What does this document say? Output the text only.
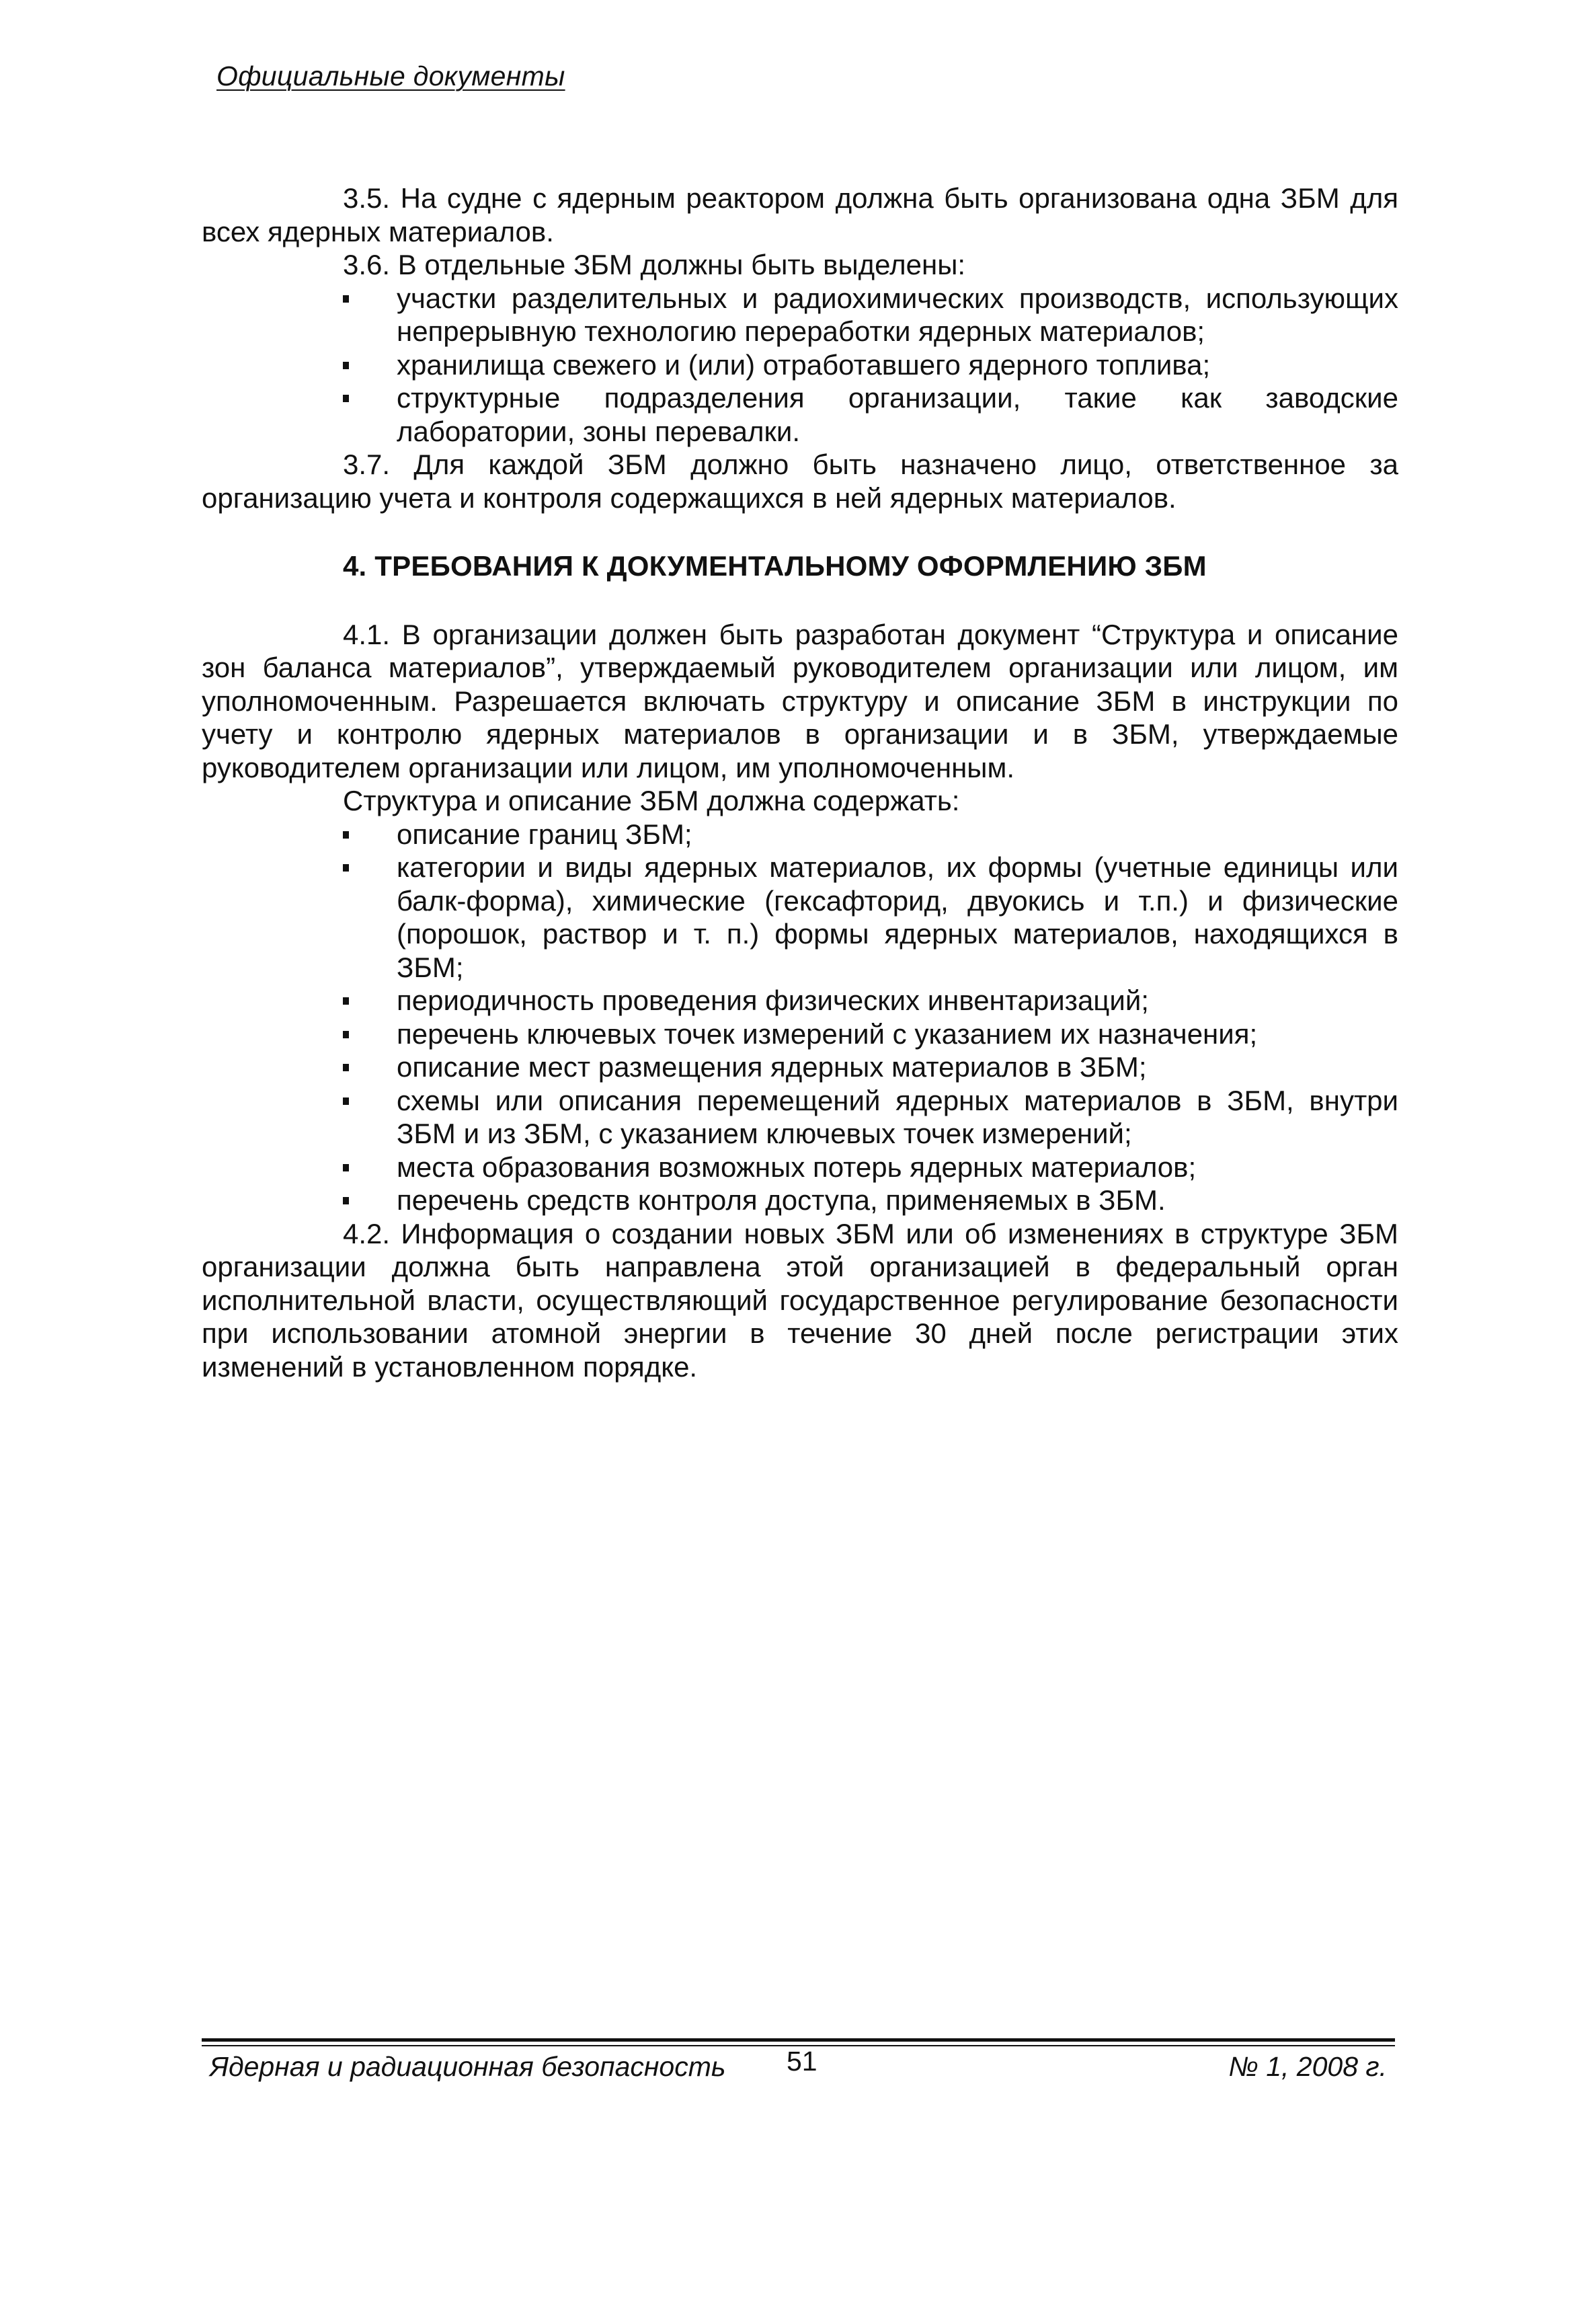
Официальные документы

3.5. На судне с ядерным реактором должна быть организована одна ЗБМ для всех ядерных материалов.

3.6. В отдельные ЗБМ должны быть выделены:

участки разделительных и радиохимических производств, использующих непрерывную технологию переработки ядерных материалов;
хранилища свежего и (или) отработавшего ядерного топлива;
структурные подразделения организации, такие как заводские лаборатории, зоны перевалки.

3.7. Для каждой ЗБМ должно быть назначено лицо, ответственное за организацию учета и контроля содержащихся в ней ядерных материалов.

4. ТРЕБОВАНИЯ К ДОКУМЕНТАЛЬНОМУ ОФОРМЛЕНИЮ ЗБМ

4.1. В организации должен быть разработан документ “Структура и описание зон баланса материалов”, утверждаемый руководителем организации или лицом, им уполномоченным. Разрешается включать структуру и описание ЗБМ в инструкции по учету и контролю ядерных материалов в организации и в ЗБМ, утверждаемые руководителем организации или лицом, им уполномоченным.

Структура и описание ЗБМ должна содержать:

описание границ ЗБМ;
категории и виды ядерных материалов, их формы (учетные единицы или балк-форма), химические (гексафторид, двуокись и т.п.) и физические (порошок, раствор и т. п.) формы ядерных материалов, находящихся в ЗБМ;
периодичность проведения физических инвентаризаций;
перечень ключевых точек измерений с указанием их назначения;
описание мест размещения ядерных материалов в ЗБМ;
схемы или описания перемещений ядерных материалов в ЗБМ, внутри ЗБМ и из ЗБМ, с указанием ключевых точек измерений;
места образования возможных потерь ядерных материалов;
перечень средств контроля доступа, применяемых в ЗБМ.

4.2. Информация о создании новых ЗБМ или об изменениях в структуре ЗБМ организации должна быть направлена этой организацией в федеральный орган исполнительной власти, осуществляющий государственное регулирование безопасности при использовании атомной энергии в течение 30 дней после регистрации этих изменений в установленном порядке.

Ядерная и радиационная безопасность 51	№ 1, 2008 г.
